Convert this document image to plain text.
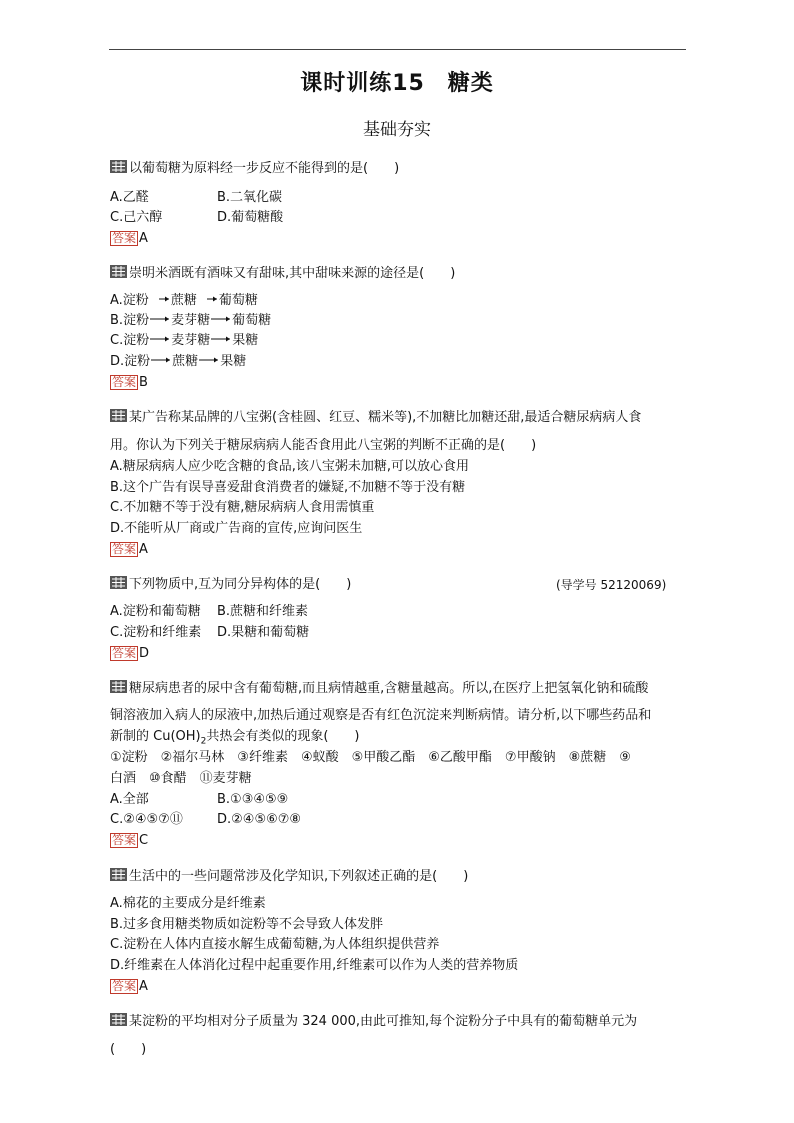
课时训练15　糖类
基础夯实
以葡萄糖为原料经一步反应不能得到的是(　　)
A.乙醛	B.二氧化碳
C.己六醇	D.葡萄糖酸
答案 A
崇明米酒既有酒味又有甜味,其中甜味来源的途径是(　　)
A.淀粉→蔗糖→葡萄糖
B.淀粉→麦芽糖→葡萄糖
C.淀粉→麦芽糖→果糖
D.淀粉→蔗糖→果糖
答案 B
某广告称某品牌的八宝粥(含桂圆、红豆、糯米等),不加糖比加糖还甜,最适合糖尿病病人食
用。你认为下列关于糖尿病病人能否食用此八宝粥的判断不正确的是(　　)
A.糖尿病病人应少吃含糖的食品,该八宝粥未加糖,可以放心食用
B.这个广告有误导喜爱甜食消费者的嫌疑,不加糖不等于没有糖
C.不加糖不等于没有糖,糖尿病病人食用需慎重
D.不能听从厂商或广告商的宣传,应询问医生
答案 A
下列物质中,互为同分异构体的是(　　)	(导学号 52120069)
A.淀粉和葡萄糖 B.蔗糖和纤维素
C.淀粉和纤维素 D.果糖和葡萄糖
答案 D
糖尿病患者的尿中含有葡萄糖,而且病情越重,含糖量越高。所以,在医疗上把氢氧化钠和硫酸
铜溶液加入病人的尿液中,加热后通过观察是否有红色沉淀来判断病情。请分析,以下哪些药品和
新制的 $Cu(OH)_2$共热会有类似的现象(　　)
①淀粉　②福尔马林　③纤维素　④蚁酸　⑤甲酸乙酯　⑥乙酸甲酯　⑦甲酸钠　⑧蔗糖　⑨
白酒　⑩食醋　⑪麦芽糖
A.全部	B.①③④⑤⑨
C.②④⑤⑦⑪	D.②④⑤⑥⑦⑧
答案 C
生活中的一些问题常涉及化学知识,下列叙述正确的是(　　)
A.棉花的主要成分是纤维素
B.过多食用糖类物质如淀粉等不会导致人体发胖
C.淀粉在人体内直接水解生成葡萄糖,为人体组织提供营养
D.纤维素在人体消化过程中起重要作用,纤维素可以作为人类的营养物质
答案 A
某淀粉的平均相对分子质量为 324 000,由此可推知,每个淀粉分子中具有的葡萄糖单元为
(　　)
